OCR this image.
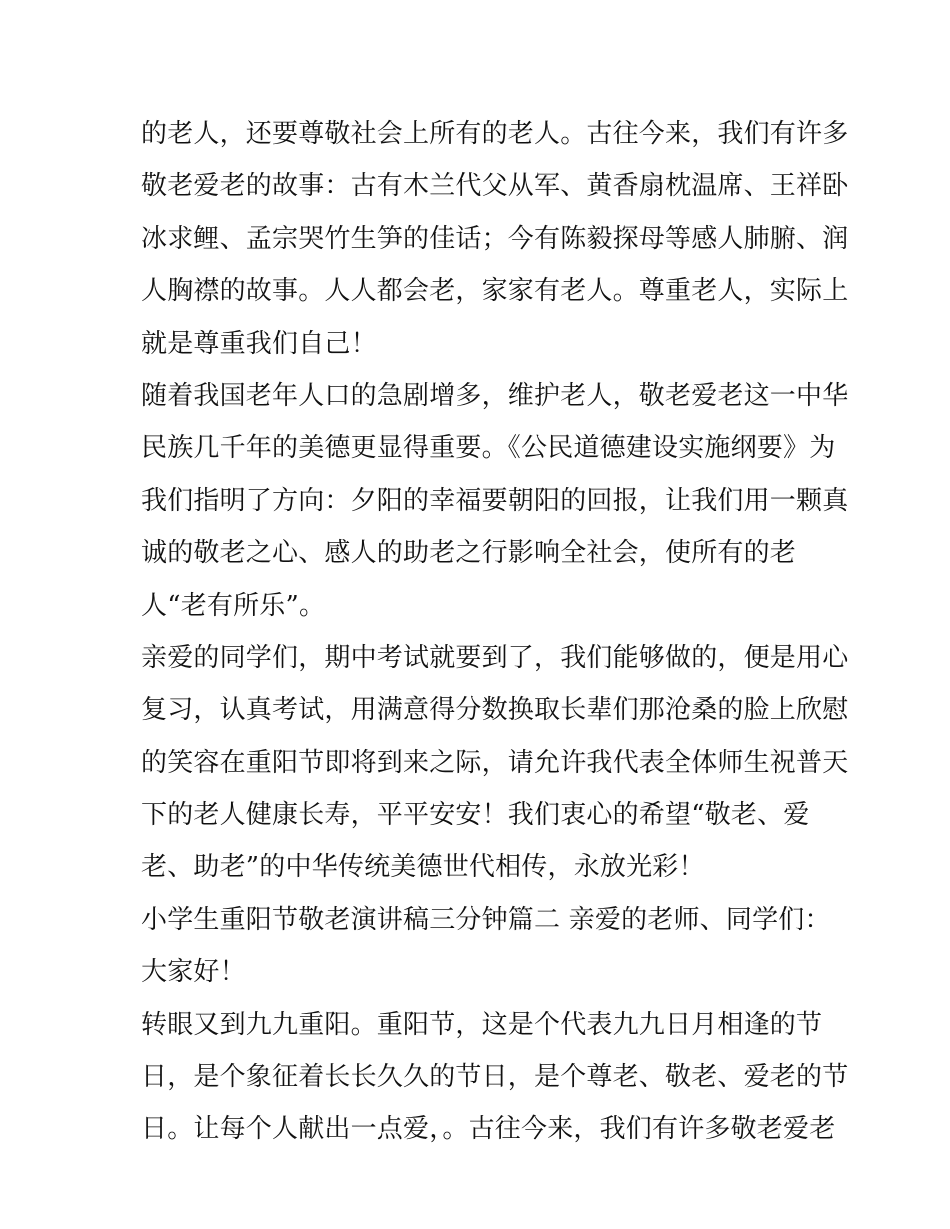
的老人，还要尊敬社会上所有的老人。古往今来，我们有许多
敬老爱老的故事：古有木兰代父从军、黄香扇枕温席、王祥卧
冰求鲤、孟宗哭竹生笋的佳话；今有陈毅探母等感人肺腑、润
人胸襟的故事。人人都会老，家家有老人。尊重老人，实际上
就是尊重我们自己！
随着我国老年人口的急剧增多，维护老人，敬老爱老这一中华
民族几千年的美德更显得重要。《公民道德建设实施纲要》为
我们指明了方向：夕阳的幸福要朝阳的回报，让我们用一颗真
诚的敬老之心、感人的助老之行影响全社会，使所有的老
人“老有所乐”。
亲爱的同学们，期中考试就要到了，我们能够做的，便是用心
复习，认真考试，用满意得分数换取长辈们那沧桑的脸上欣慰
的笑容在重阳节即将到来之际，请允许我代表全体师生祝普天
下的老人健康长寿，平平安安！我们衷心的希望“敬老、爱
老、助老”的中华传统美德世代相传，永放光彩！
小学生重阳节敬老演讲稿三分钟篇二 亲爱的老师、同学们：
大家好！
转眼又到九九重阳。重阳节，这是个代表九九日月相逢的节
日，是个象征着长长久久的节日，是个尊老、敬老、爱老的节
日。让每个人献出一点爱，。古往今来，我们有许多敬老爱老
